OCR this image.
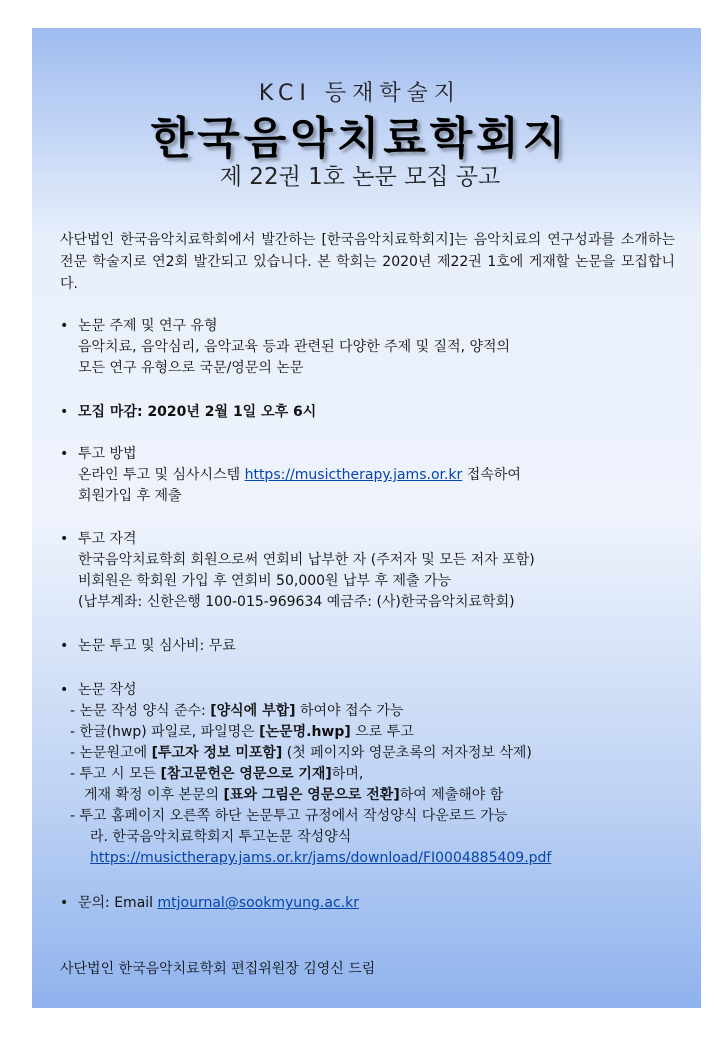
KCI 등재학술지
한국음악치료학회지
제 22권 1호 논문 모집 공고
사단법인 한국음악치료학회에서 발간하는 [한국음악치료학회지]는 음악치료의 연구성과를 소개하는 전문 학술지로 연2회 발간되고 있습니다. 본 학회는 2020년 제22권 1호에 게재할 논문을 모집합니다.
• 논문 주제 및 연구 유형
음악치료, 음악심리, 음악교육 등과 관련된 다양한 주제 및 질적, 양적의
모든 연구 유형으로 국문/영문의 논문
• 모집 마감: 2020년 2월 1일 오후 6시
• 투고 방법
온라인 투고 및 심사시스템 https://musictherapy.jams.or.kr 접속하여
회원가입 후 제출
• 투고 자격
한국음악치료학회 회원으로써 연회비 납부한 자 (주저자 및 모든 저자 포함)
비회원은 학회원 가입 후 연회비 50,000원 납부 후 제출 가능
(납부계좌: 신한은행 100-015-969634 예금주: (사)한국음악치료학회)
• 논문 투고 및 심사비: 무료
• 논문 작성
- 논문 작성 양식 준수: [양식에 부합] 하여야 접수 가능
- 한글(hwp) 파일로, 파일명은 [논문명.hwp] 으로 투고
- 논문원고에 [투고자 정보 미포함] (첫 페이지와 영문초록의 저자정보 삭제)
- 투고 시 모든 [참고문헌은 영문으로 기재]하며,
게재 확정 이후 본문의 [표와 그림은 영문으로 전환]하여 제출해야 함
- 투고 홈페이지 오른쪽 하단 논문투고 규정에서 작성양식 다운로드 가능
라. 한국음악치료학회지 투고논문 작성양식
https://musictherapy.jams.or.kr/jams/download/FI0004885409.pdf
• 문의: Email mtjournal@sookmyung.ac.kr
사단법인 한국음악치료학회 편집위원장 김영신 드림
